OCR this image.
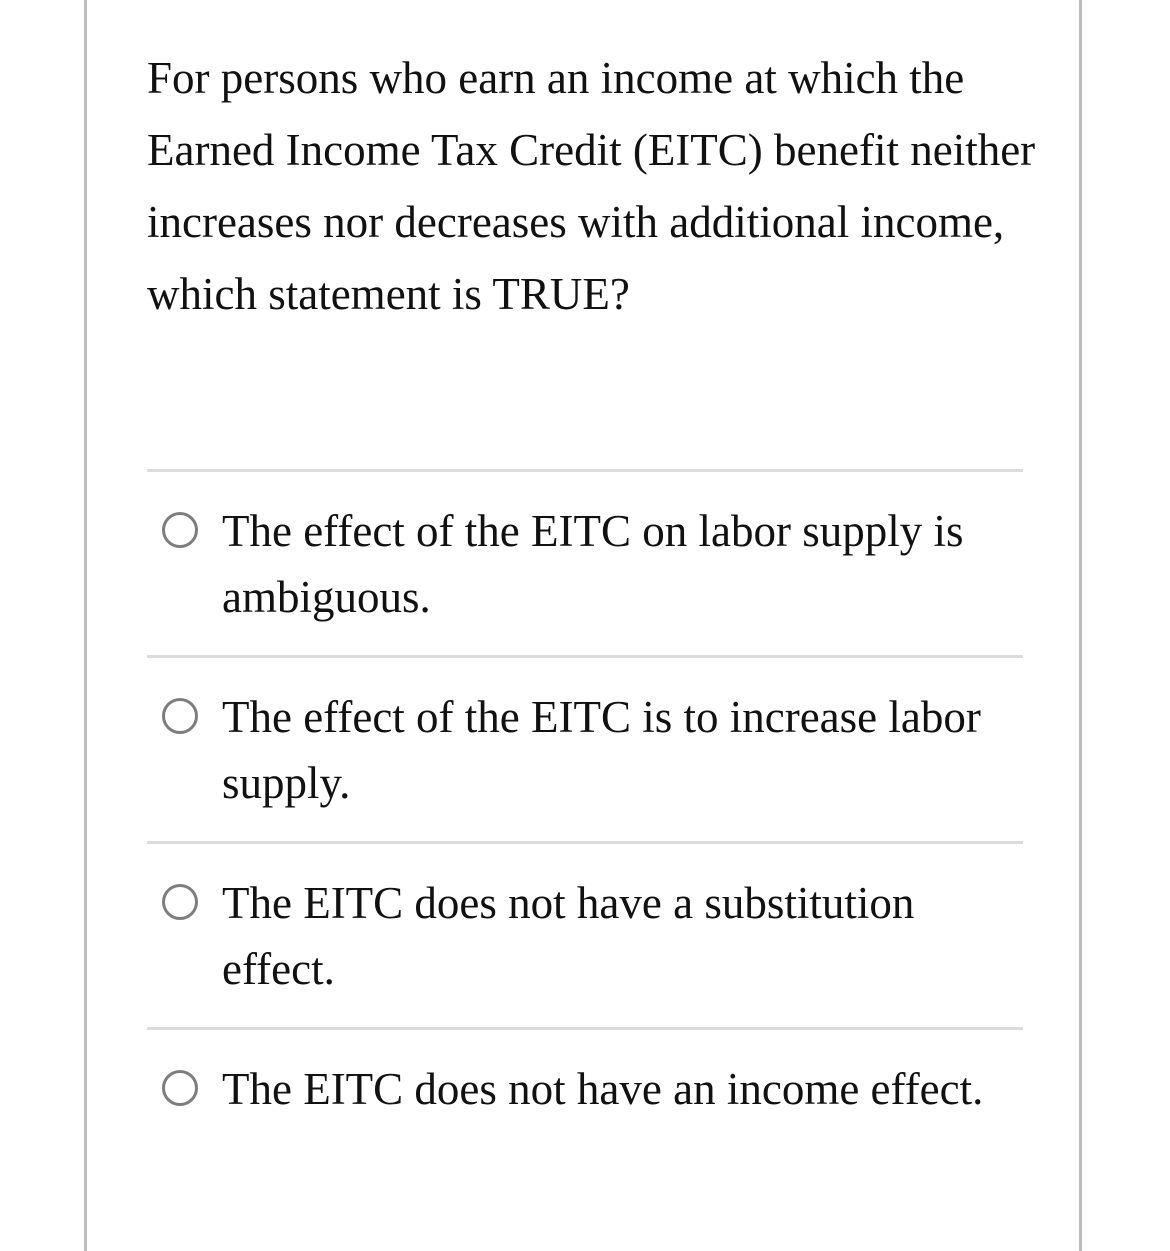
For persons who earn an income at which the Earned Income Tax Credit (EITC) benefit neither increases nor decreases with additional income, which statement is TRUE?

The effect of the EITC on labor supply is ambiguous.
The effect of the EITC is to increase labor supply.
The EITC does not have a substitution effect.
The EITC does not have an income effect.
